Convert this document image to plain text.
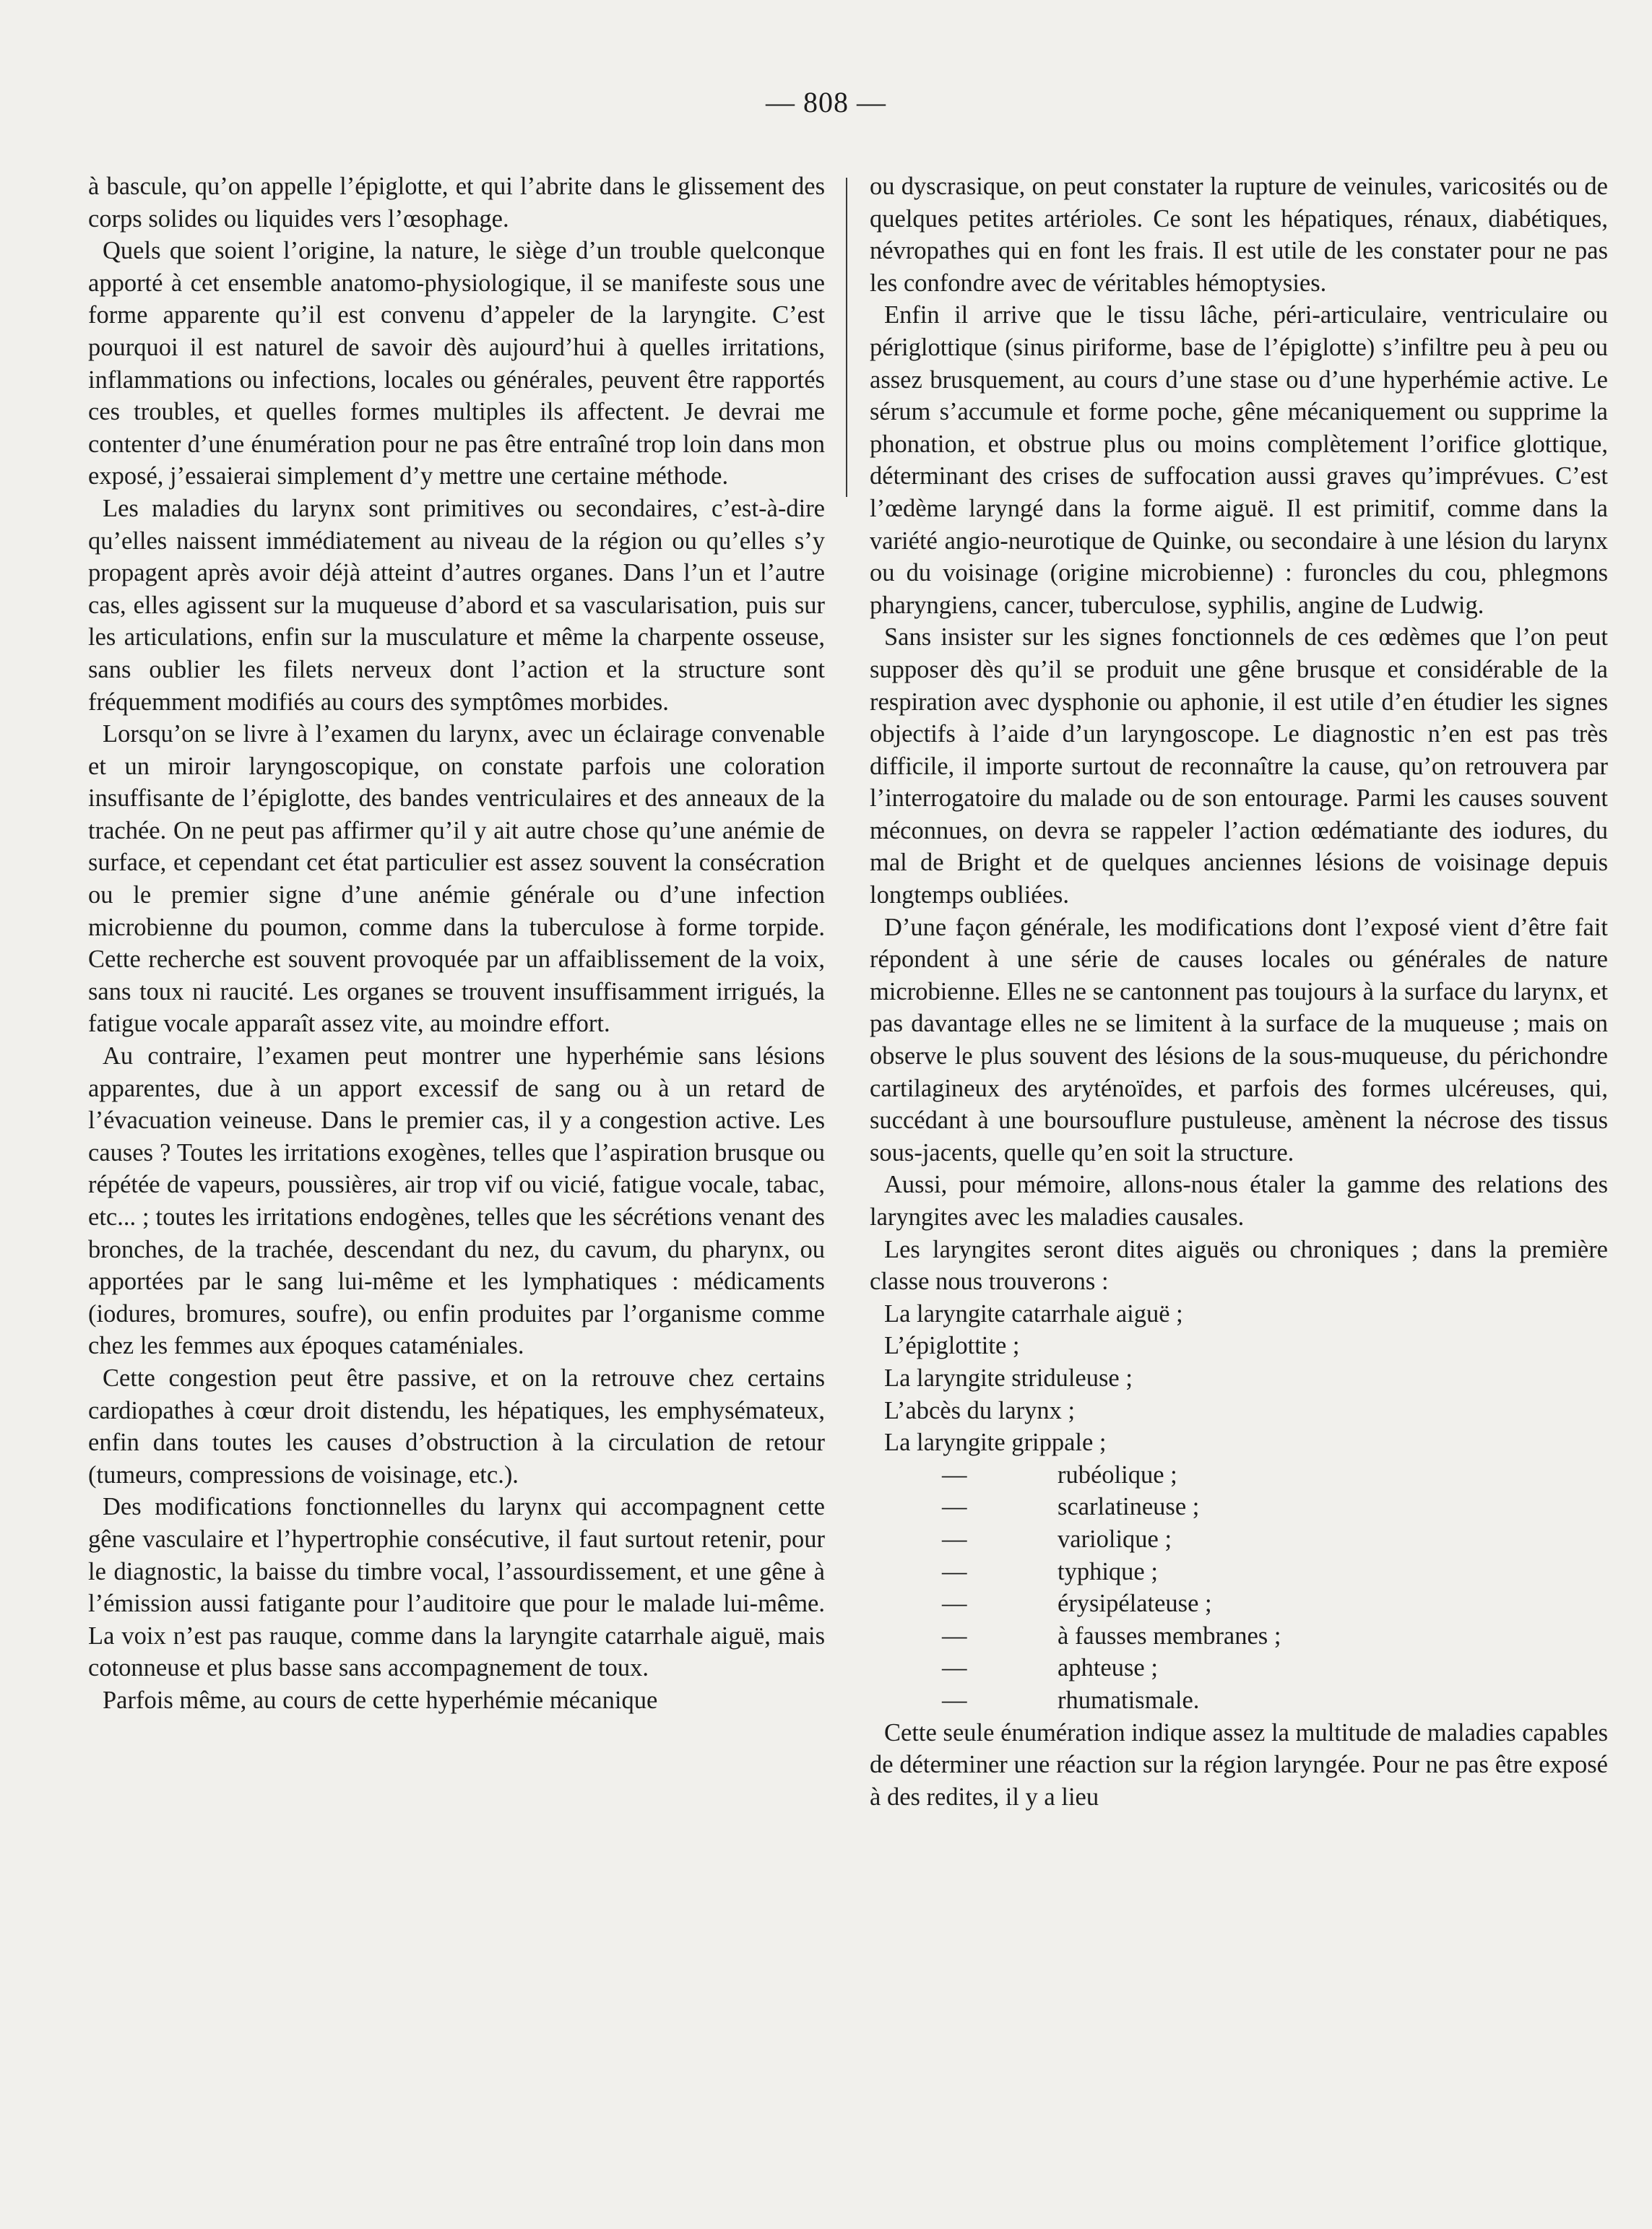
— 808 —

à bascule, qu’on appelle l’épiglotte, et qui l’abrite dans le glissement des corps solides ou liquides vers l’œsophage.

Quels que soient l’origine, la nature, le siège d’un trouble quelconque apporté à cet ensemble anatomo-physiologique, il se manifeste sous une forme apparente qu’il est convenu d’appeler de la laryngite. C’est pourquoi il est naturel de savoir dès aujourd’hui à quelles irritations, inflammations ou infections, locales ou générales, peuvent être rapportés ces troubles, et quelles formes multiples ils affectent. Je devrai me contenter d’une énumération pour ne pas être entraîné trop loin dans mon exposé, j’essaierai simplement d’y mettre une certaine méthode.

Les maladies du larynx sont primitives ou secondaires, c’est-à-dire qu’elles naissent immédiatement au niveau de la région ou qu’elles s’y propagent après avoir déjà atteint d’autres organes. Dans l’un et l’autre cas, elles agissent sur la muqueuse d’abord et sa vascularisation, puis sur les articulations, enfin sur la musculature et même la charpente osseuse, sans oublier les filets nerveux dont l’action et la structure sont fréquemment modifiés au cours des symptômes morbides.

Lorsqu’on se livre à l’examen du larynx, avec un éclairage convenable et un miroir laryngoscopique, on constate parfois une coloration insuffisante de l’épiglotte, des bandes ventriculaires et des anneaux de la trachée. On ne peut pas affirmer qu’il y ait autre chose qu’une anémie de surface, et cependant cet état particulier est assez souvent la consécration ou le premier signe d’une anémie générale ou d’une infection microbienne du poumon, comme dans la tuberculose à forme torpide. Cette recherche est souvent provoquée par un affaiblissement de la voix, sans toux ni raucité. Les organes se trouvent insuffisamment irrigués, la fatigue vocale apparaît assez vite, au moindre effort.

Au contraire, l’examen peut montrer une hyperhémie sans lésions apparentes, due à un apport excessif de sang ou à un retard de l’évacuation veineuse. Dans le premier cas, il y a congestion active. Les causes ? Toutes les irritations exogènes, telles que l’aspiration brusque ou répétée de vapeurs, poussières, air trop vif ou vicié, fatigue vocale, tabac, etc... ; toutes les irritations endogènes, telles que les sécrétions venant des bronches, de la trachée, descendant du nez, du cavum, du pharynx, ou apportées par le sang lui-même et les lymphatiques : médicaments (iodures, bromures, soufre), ou enfin produites par l’organisme comme chez les femmes aux époques cataméniales.

Cette congestion peut être passive, et on la retrouve chez certains cardiopathes à cœur droit distendu, les hépatiques, les emphysémateux, enfin dans toutes les causes d’obstruction à la circulation de retour (tumeurs, compressions de voisinage, etc.).

Des modifications fonctionnelles du larynx qui accompagnent cette gêne vasculaire et l’hypertrophie consécutive, il faut surtout retenir, pour le diagnostic, la baisse du timbre vocal, l’assourdissement, et une gêne à l’émission aussi fatigante pour l’auditoire que pour le malade lui-même. La voix n’est pas rauque, comme dans la laryngite catarrhale aiguë, mais cotonneuse et plus basse sans accompagnement de toux.

Parfois même, au cours de cette hyperhémie mécanique

ou dyscrasique, on peut constater la rupture de veinules, varicosités ou de quelques petites artérioles. Ce sont les hépatiques, rénaux, diabétiques, névropathes qui en font les frais. Il est utile de les constater pour ne pas les confondre avec de véritables hémoptysies.

Enfin il arrive que le tissu lâche, péri-articulaire, ventriculaire ou périglottique (sinus piriforme, base de l’épiglotte) s’infiltre peu à peu ou assez brusquement, au cours d’une stase ou d’une hyperhémie active. Le sérum s’accumule et forme poche, gêne mécaniquement ou supprime la phonation, et obstrue plus ou moins complètement l’orifice glottique, déterminant des crises de suffocation aussi graves qu’imprévues. C’est l’œdème laryngé dans la forme aiguë. Il est primitif, comme dans la variété angio-neurotique de Quinke, ou secondaire à une lésion du larynx ou du voisinage (origine microbienne) : furoncles du cou, phlegmons pharyngiens, cancer, tuberculose, syphilis, angine de Ludwig.

Sans insister sur les signes fonctionnels de ces œdèmes que l’on peut supposer dès qu’il se produit une gêne brusque et considérable de la respiration avec dysphonie ou aphonie, il est utile d’en étudier les signes objectifs à l’aide d’un laryngoscope. Le diagnostic n’en est pas très difficile, il importe surtout de reconnaître la cause, qu’on retrouvera par l’interrogatoire du malade ou de son entourage. Parmi les causes souvent méconnues, on devra se rappeler l’action œdématiante des iodures, du mal de Bright et de quelques anciennes lésions de voisinage depuis longtemps oubliées.

D’une façon générale, les modifications dont l’exposé vient d’être fait répondent à une série de causes locales ou générales de nature microbienne. Elles ne se cantonnent pas toujours à la surface du larynx, et pas davantage elles ne se limitent à la surface de la muqueuse ; mais on observe le plus souvent des lésions de la sous-muqueuse, du périchondre cartilagineux des aryténoïdes, et parfois des formes ulcéreuses, qui, succédant à une boursouflure pustuleuse, amènent la nécrose des tissus sous-jacents, quelle qu’en soit la structure.

Aussi, pour mémoire, allons-nous étaler la gamme des relations des laryngites avec les maladies causales.

Les laryngites seront dites aiguës ou chroniques ; dans la première classe nous trouverons :

La laryngite catarrhale aiguë ;
L’épiglottite ;
La laryngite striduleuse ;
L’abcès du larynx ;
La laryngite grippale ;
—	rubéolique ;
—	scarlatineuse ;
—	variolique ;
—	typhique ;
—	érysipélateuse ;
—	à fausses membranes ;
—	aphteuse ;
—	rhumatismale.

Cette seule énumération indique assez la multitude de maladies capables de déterminer une réaction sur la région laryngée. Pour ne pas être exposé à des redites, il y a lieu
